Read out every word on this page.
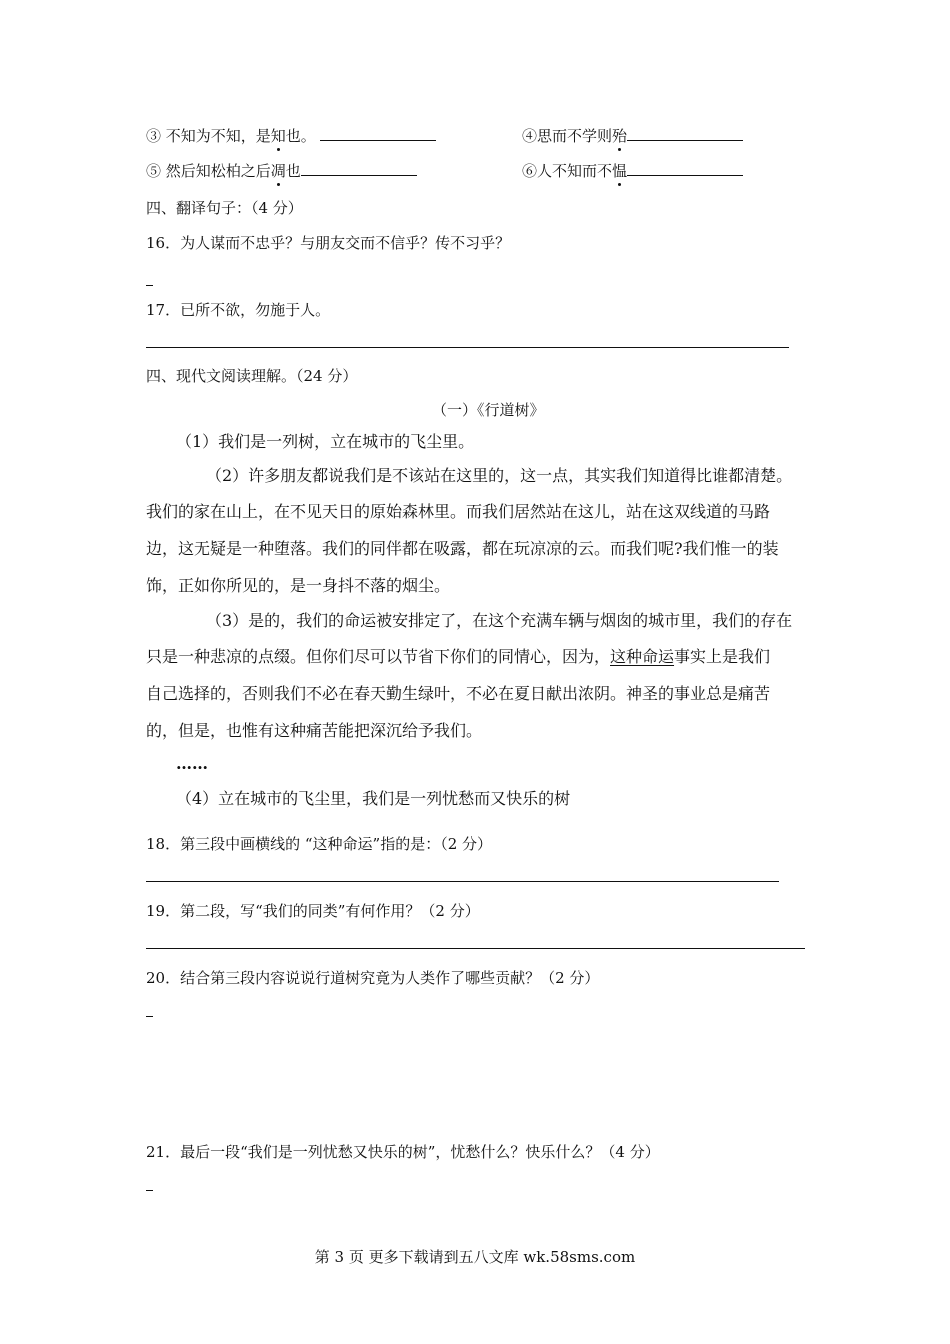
③ 不知为不知，是知也。	④思而不学则殆
⑤ 然后知松柏之后凋也	⑥人不知而不愠
四、翻译句子：（4 分）
16．为人谋而不忠乎？与朋友交而不信乎？传不习乎？
17．已所不欲，勿施于人。
四、现代文阅读理解。（24 分）
（一）《行道树》
（1）我们是一列树，立在城市的飞尘里。
（2）许多朋友都说我们是不该站在这里的，这一点，其实我们知道得比谁都清楚。
我们的家在山上，在不见天日的原始森林里。而我们居然站在这儿，站在这双线道的马路
边，这无疑是一种堕落。我们的同伴都在吸露，都在玩凉凉的云。而我们呢?我们惟一的装
饰，正如你所见的，是一身抖不落的烟尘。
（3）是的，我们的命运被安排定了，在这个充满车辆与烟囱的城市里，我们的存在
只是一种悲凉的点缀。但你们尽可以节省下你们的同情心，因为，这种命运事实上是我们
自己选择的，否则我们不必在春天勤生绿叶，不必在夏日献出浓阴。神圣的事业总是痛苦
的，但是，也惟有这种痛苦能把深沉给予我们。
……
（4）立在城市的飞尘里，我们是一列忧愁而又快乐的树
18．第三段中画横线的 “这种命运”指的是：（2 分）
19．第二段，写“我们的同类”有何作用？（2 分）
20．结合第三段内容说说行道树究竟为人类作了哪些贡献？（2 分）
21．最后一段“我们是一列忧愁又快乐的树”，忧愁什么？快乐什么？（4 分）
第 3 页 更多下载请到五八文库 wk.58sms.com
